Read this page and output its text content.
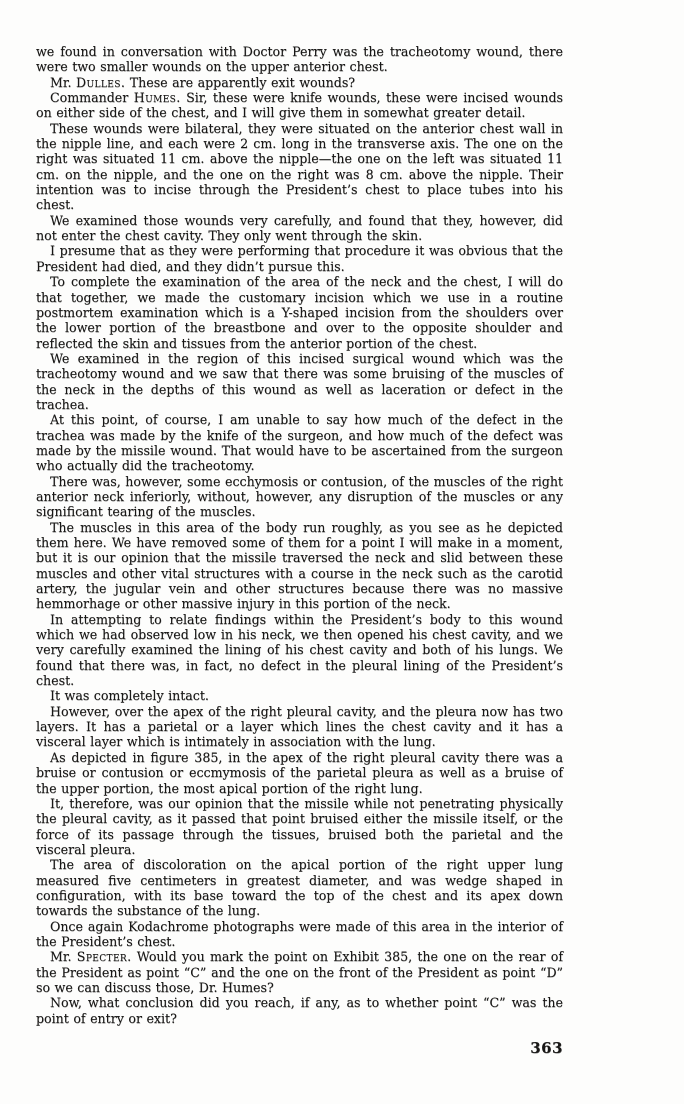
we found in conversation with Doctor Perry was the tracheotomy wound, there were two smaller wounds on the upper anterior chest.

Mr. Dulles. These are apparently exit wounds?

Commander Humes. Sir, these were knife wounds, these were incised wounds on either side of the chest, and I will give them in somewhat greater detail.

These wounds were bilateral, they were situated on the anterior chest wall in the nipple line, and each were 2 cm. long in the transverse axis. The one on the right was situated 11 cm. above the nipple—the one on the left was situated 11 cm. on the nipple, and the one on the right was 8 cm. above the nipple. Their intention was to incise through the President’s chest to place tubes into his chest.

We examined those wounds very carefully, and found that they, however, did not enter the chest cavity. They only went through the skin.

I presume that as they were performing that procedure it was obvious that the President had died, and they didn’t pursue this.

To complete the examination of the area of the neck and the chest, I will do that together, we made the customary incision which we use in a routine postmortem examination which is a Y-shaped incision from the shoulders over the lower portion of the breastbone and over to the opposite shoulder and reflected the skin and tissues from the anterior portion of the chest.

We examined in the region of this incised surgical wound which was the tracheotomy wound and we saw that there was some bruising of the muscles of the neck in the depths of this wound as well as laceration or defect in the trachea.

At this point, of course, I am unable to say how much of the defect in the trachea was made by the knife of the surgeon, and how much of the defect was made by the missile wound. That would have to be ascertained from the surgeon who actually did the tracheotomy.

There was, however, some ecchymosis or contusion, of the muscles of the right anterior neck inferiorly, without, however, any disruption of the muscles or any significant tearing of the muscles.

The muscles in this area of the body run roughly, as you see as he depicted them here. We have removed some of them for a point I will make in a moment, but it is our opinion that the missile traversed the neck and slid between these muscles and other vital structures with a course in the neck such as the carotid artery, the jugular vein and other structures because there was no massive hemmorhage or other massive injury in this portion of the neck.

In attempting to relate findings within the President’s body to this wound which we had observed low in his neck, we then opened his chest cavity, and we very carefully examined the lining of his chest cavity and both of his lungs. We found that there was, in fact, no defect in the pleural lining of the President’s chest.

It was completely intact.

However, over the apex of the right pleural cavity, and the pleura now has two layers. It has a parietal or a layer which lines the chest cavity and it has a visceral layer which is intimately in association with the lung.

As depicted in figure 385, in the apex of the right pleural cavity there was a bruise or contusion or eccmymosis of the parietal pleura as well as a bruise of the upper portion, the most apical portion of the right lung.

It, therefore, was our opinion that the missile while not penetrating physically the pleural cavity, as it passed that point bruised either the missile itself, or the force of its passage through the tissues, bruised both the parietal and the visceral pleura.

The area of discoloration on the apical portion of the right upper lung measured five centimeters in greatest diameter, and was wedge shaped in configuration, with its base toward the top of the chest and its apex down towards the substance of the lung.

Once again Kodachrome photographs were made of this area in the interior of the President’s chest.

Mr. Specter. Would you mark the point on Exhibit 385, the one on the rear of the President as point “C” and the one on the front of the President as point “D” so we can discuss those, Dr. Humes?

Now, what conclusion did you reach, if any, as to whether point “C” was the point of entry or exit?

363
